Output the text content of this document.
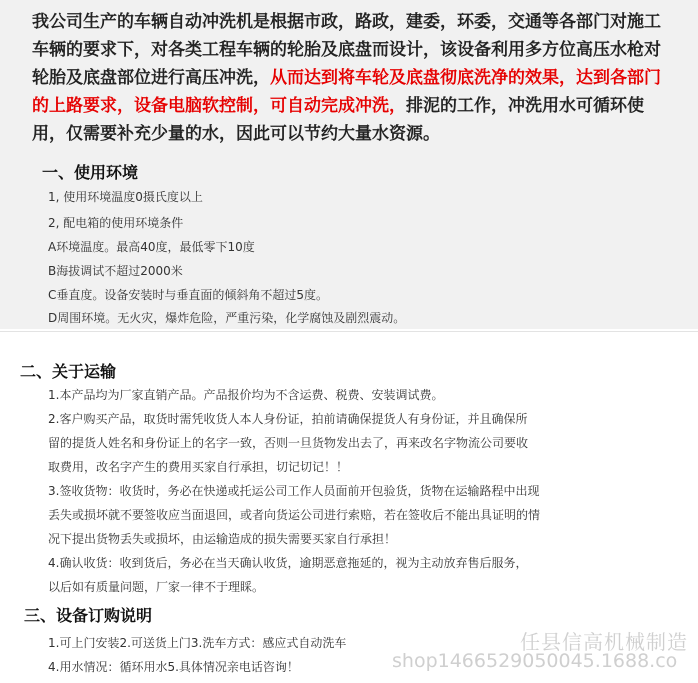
我公司生产的车辆自动冲洗机是根据市政，路政，建委，环委，交通等各部门对施工车辆的要求下，对各类工程车辆的轮胎及底盘而设计，该设备利用多方位高压水枪对轮胎及底盘部位进行高压冲洗，从而达到将车轮及底盘彻底洗净的效果，达到各部门的上路要求，设备电脑软控制，可自动完成冲洗，排泥的工作，冲洗用水可循环使用，仅需要补充少量的水，因此可以节约大量水资源。
一、使用环境
1, 使用环境温度0摄氏度以上
2, 配电箱的使用环境条件
A环境温度。最高40度，最低零下10度
B海拔调试不超过2000米
C垂直度。设备安装时与垂直面的倾斜角不超过5度。
D周围环境。无火灾，爆炸危险，严重污染，化学腐蚀及剧烈震动。
二、关于运输
1.本产品均为厂家直销产品。产品报价均为不含运费、税费、安装调试费。
2.客户购买产品，取货时需凭收货人本人身份证，拍前请确保提货人有身份证，并且确保所
留的提货人姓名和身份证上的名字一致，否则一旦货物发出去了，再来改名字物流公司要收
取费用，改名字产生的费用买家自行承担，切记切记！！
3.签收货物：收货时，务必在快递或托运公司工作人员面前开包验货，货物在运输路程中出现
丢失或损坏就不要签收应当面退回，或者向货运公司进行索赔，若在签收后不能出具证明的情
况下提出货物丢失或损坏，由运输造成的损失需要买家自行承担！
4.确认收货：收到货后，务必在当天确认收货，逾期恶意拖延的，视为主动放弃售后服务，
以后如有质量问题，厂家一律不于理睬。
三、设备订购说明
1.可上门安装2.可送货上门3.洗车方式：感应式自动洗车
4.用水情况：循环用水5.具体情况亲电话咨询！
任县信高机械制造
shop1466529050045.1688.co
